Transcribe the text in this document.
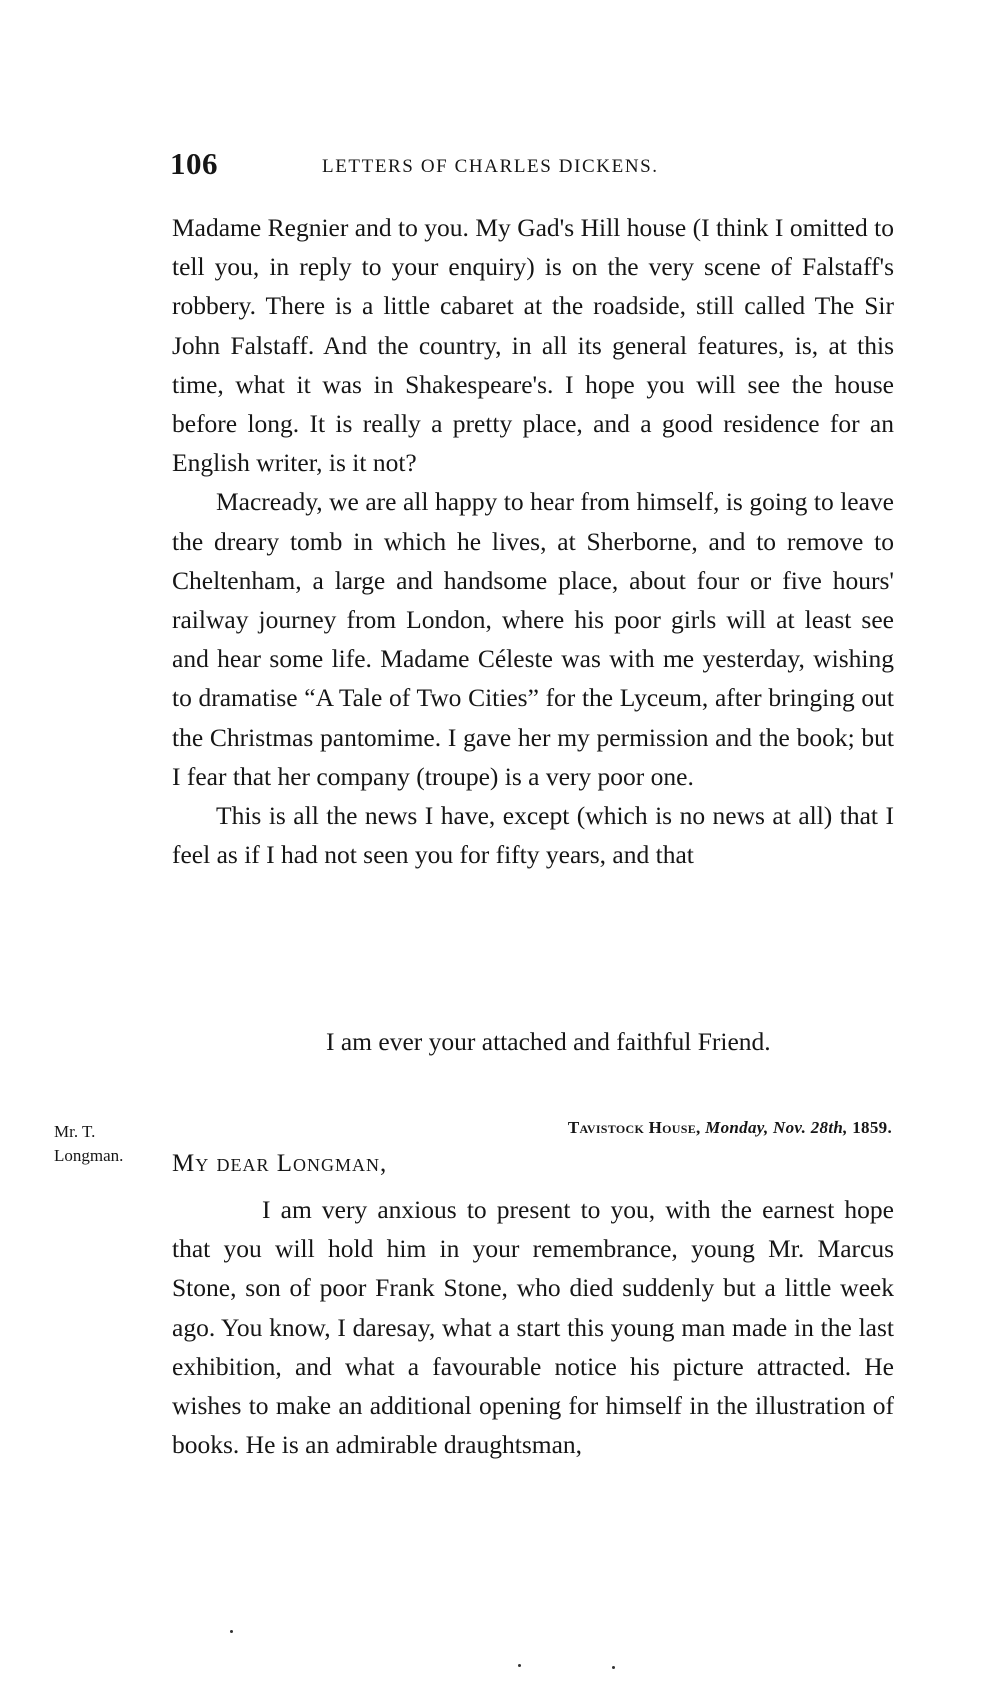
106	LETTERS OF CHARLES DICKENS.

Madame Regnier and to you. My Gad's Hill house (I think I omitted to tell you, in reply to your enquiry) is on the very scene of Falstaff's robbery. There is a little cabaret at the roadside, still called The Sir John Falstaff. And the country, in all its general features, is, at this time, what it was in Shakespeare's. I hope you will see the house before long. It is really a pretty place, and a good residence for an English writer, is it not?

Macready, we are all happy to hear from himself, is going to leave the dreary tomb in which he lives, at Sherborne, and to remove to Cheltenham, a large and handsome place, about four or five hours' railway journey from London, where his poor girls will at least see and hear some life. Madame Céleste was with me yesterday, wishing to dramatise “A Tale of Two Cities” for the Lyceum, after bringing out the Christmas pantomime. I gave her my permission and the book; but I fear that her company (troupe) is a very poor one.

This is all the news I have, except (which is no news at all) that I feel as if I had not seen you for fifty years, and that

I am ever your attached and faithful Friend.
Mr. T. Longman.
Tavistock House, Monday, Nov. 28th, 1859.
My dear Longman,

I am very anxious to present to you, with the earnest hope that you will hold him in your remembrance, young Mr. Marcus Stone, son of poor Frank Stone, who died suddenly but a little week ago. You know, I daresay, what a start this young man made in the last exhibition, and what a favourable notice his picture attracted. He wishes to make an additional opening for himself in the illustration of books. He is an admirable draughtsman,
